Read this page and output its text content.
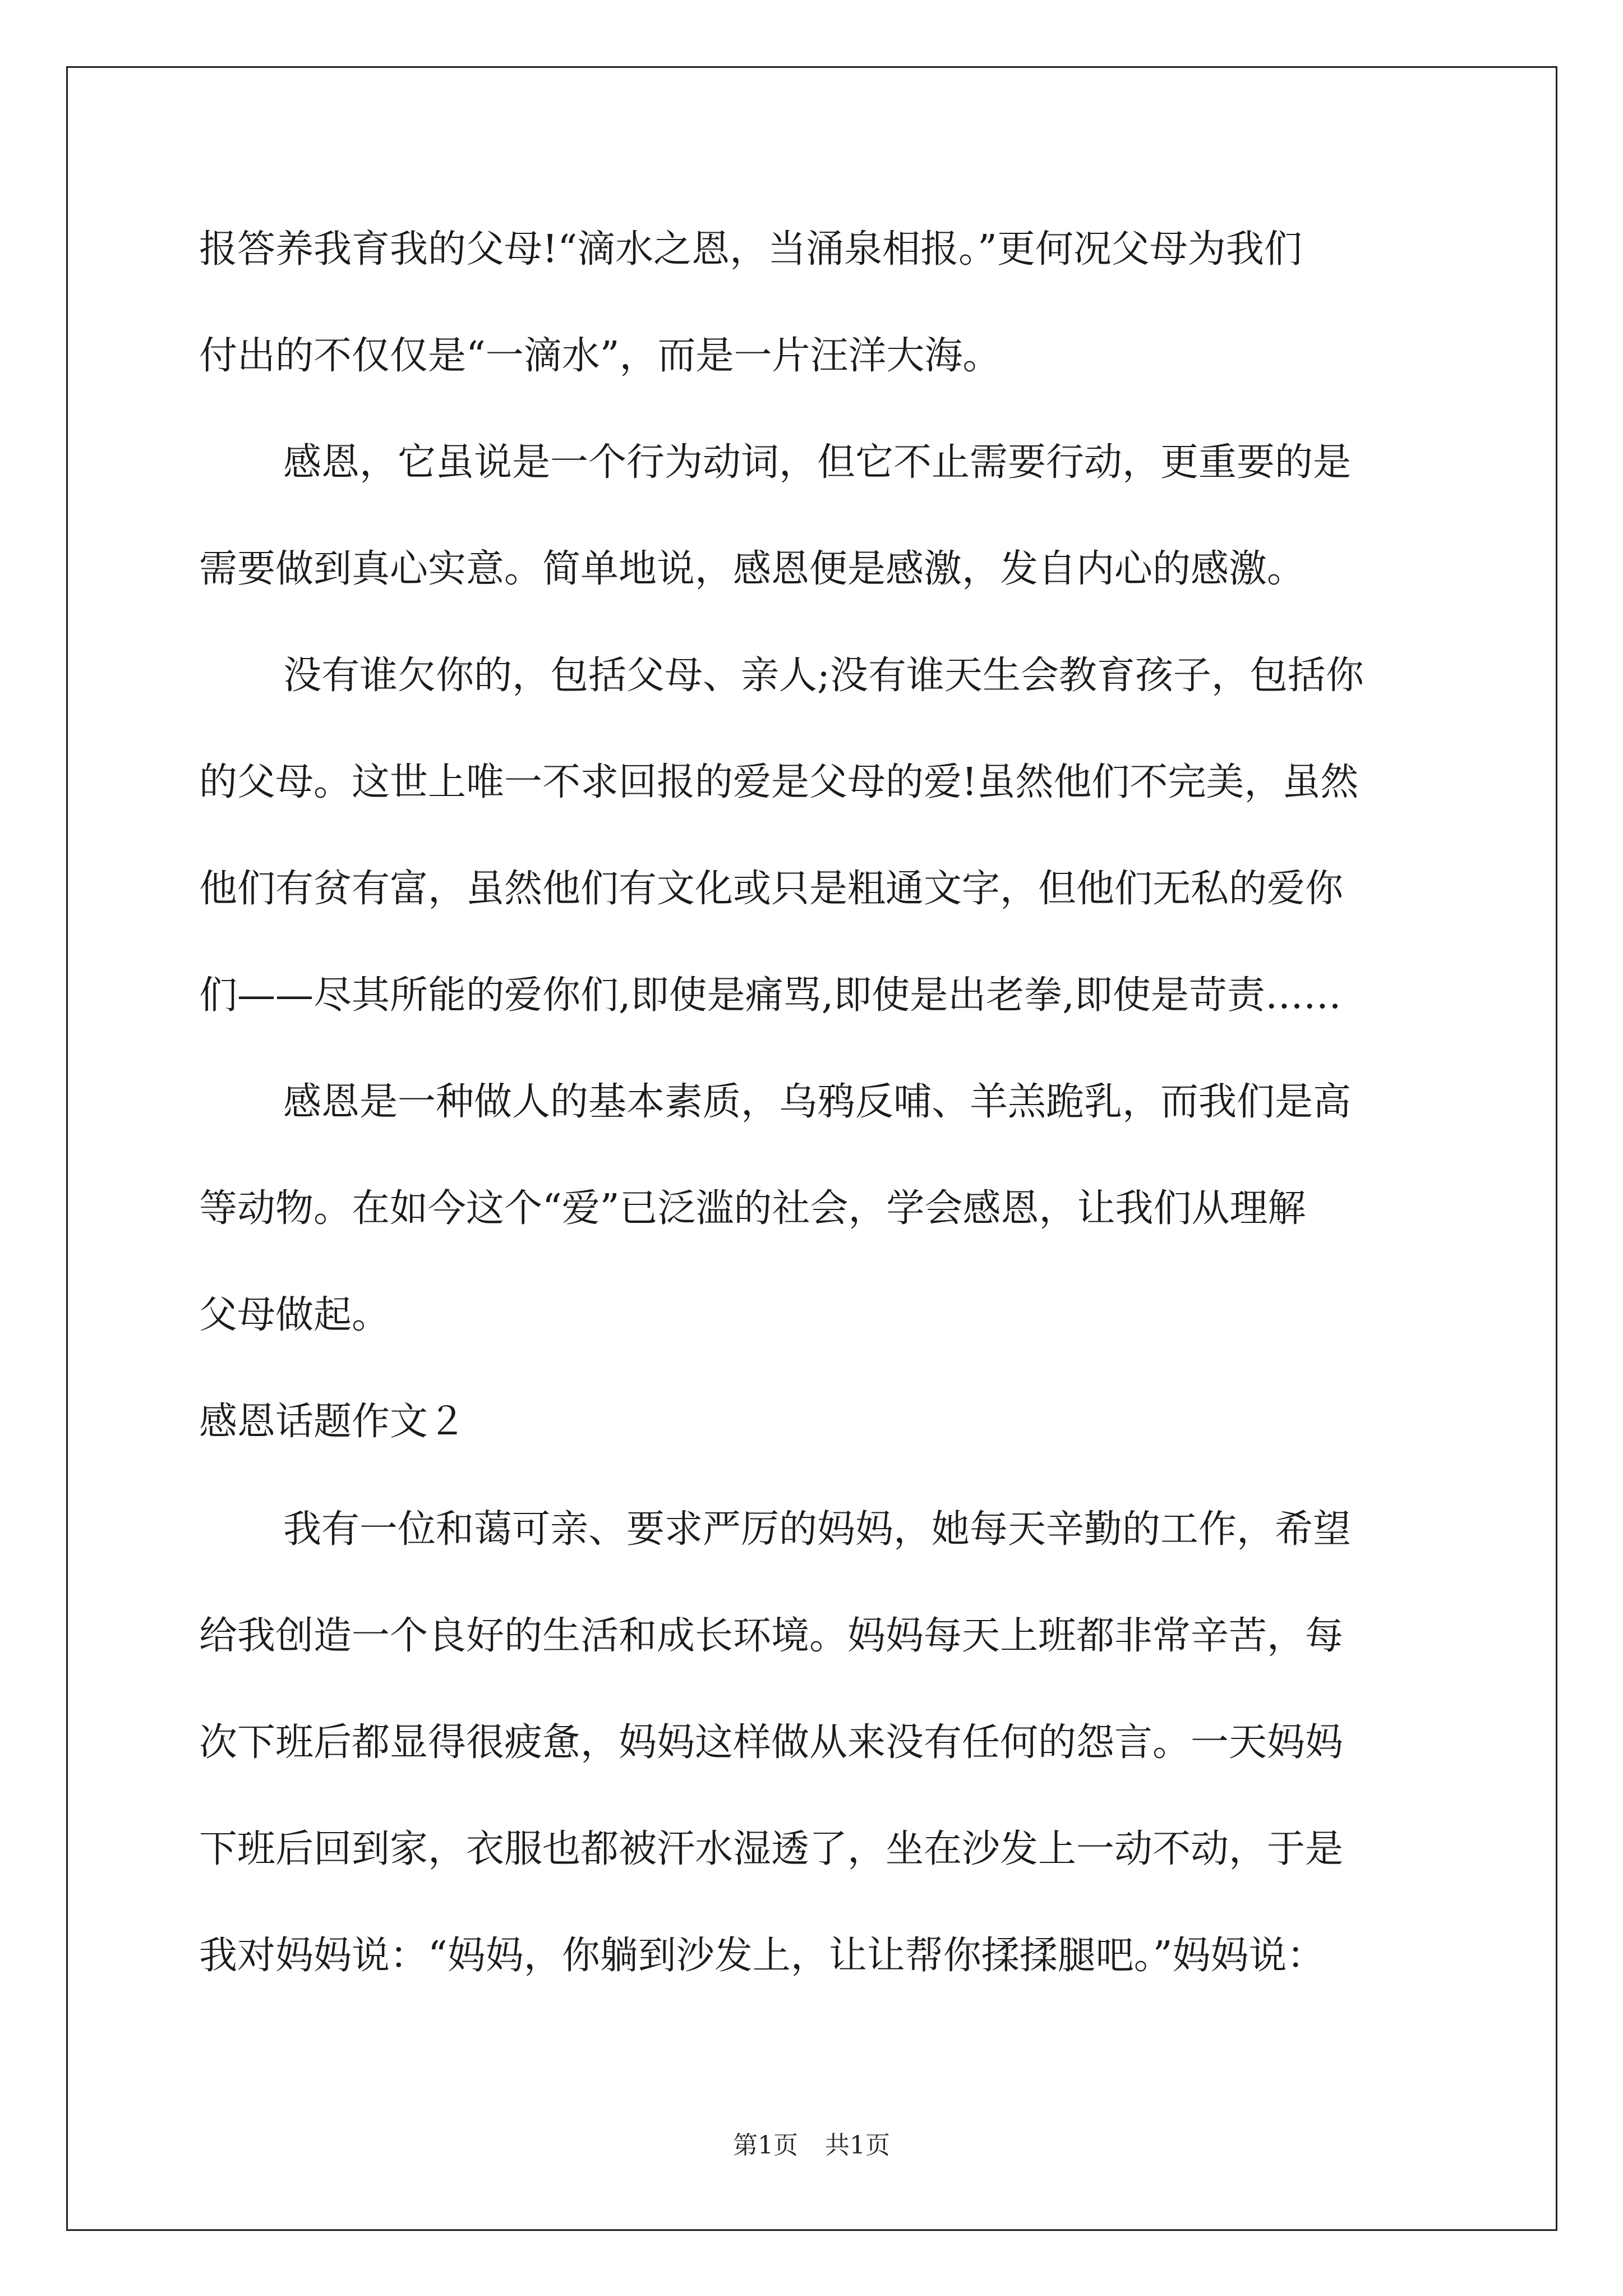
报答养我育我的父母!“滴水之恩，当涌泉相报。”更何况父母为我们
付出的不仅仅是“一滴水”，而是一片汪洋大海。
感恩，它虽说是一个行为动词，但它不止需要行动，更重要的是
需要做到真心实意。简单地说，感恩便是感激，发自内心的感激。
没有谁欠你的，包括父母、亲人;没有谁天生会教育孩子，包括你
的父母。这世上唯一不求回报的爱是父母的爱!虽然他们不完美，虽然
他们有贫有富，虽然他们有文化或只是粗通文字，但他们无私的爱你
们——尽其所能的爱你们,即使是痛骂,即使是出老拳,即使是苛责……
感恩是一种做人的基本素质，乌鸦反哺、羊羔跪乳，而我们是高
等动物。在如今这个“爱”已泛滥的社会，学会感恩，让我们从理解
父母做起。
感恩话题作文２
我有一位和蔼可亲、要求严厉的妈妈，她每天辛勤的工作，希望
给我创造一个良好的生活和成长环境。妈妈每天上班都非常辛苦，每
次下班后都显得很疲惫，妈妈这样做从来没有任何的怨言。一天妈妈
下班后回到家，衣服也都被汗水湿透了，坐在沙发上一动不动，于是
我对妈妈说：“妈妈，你躺到沙发上，让让帮你揉揉腿吧。”妈妈说：
第1页 共1页
